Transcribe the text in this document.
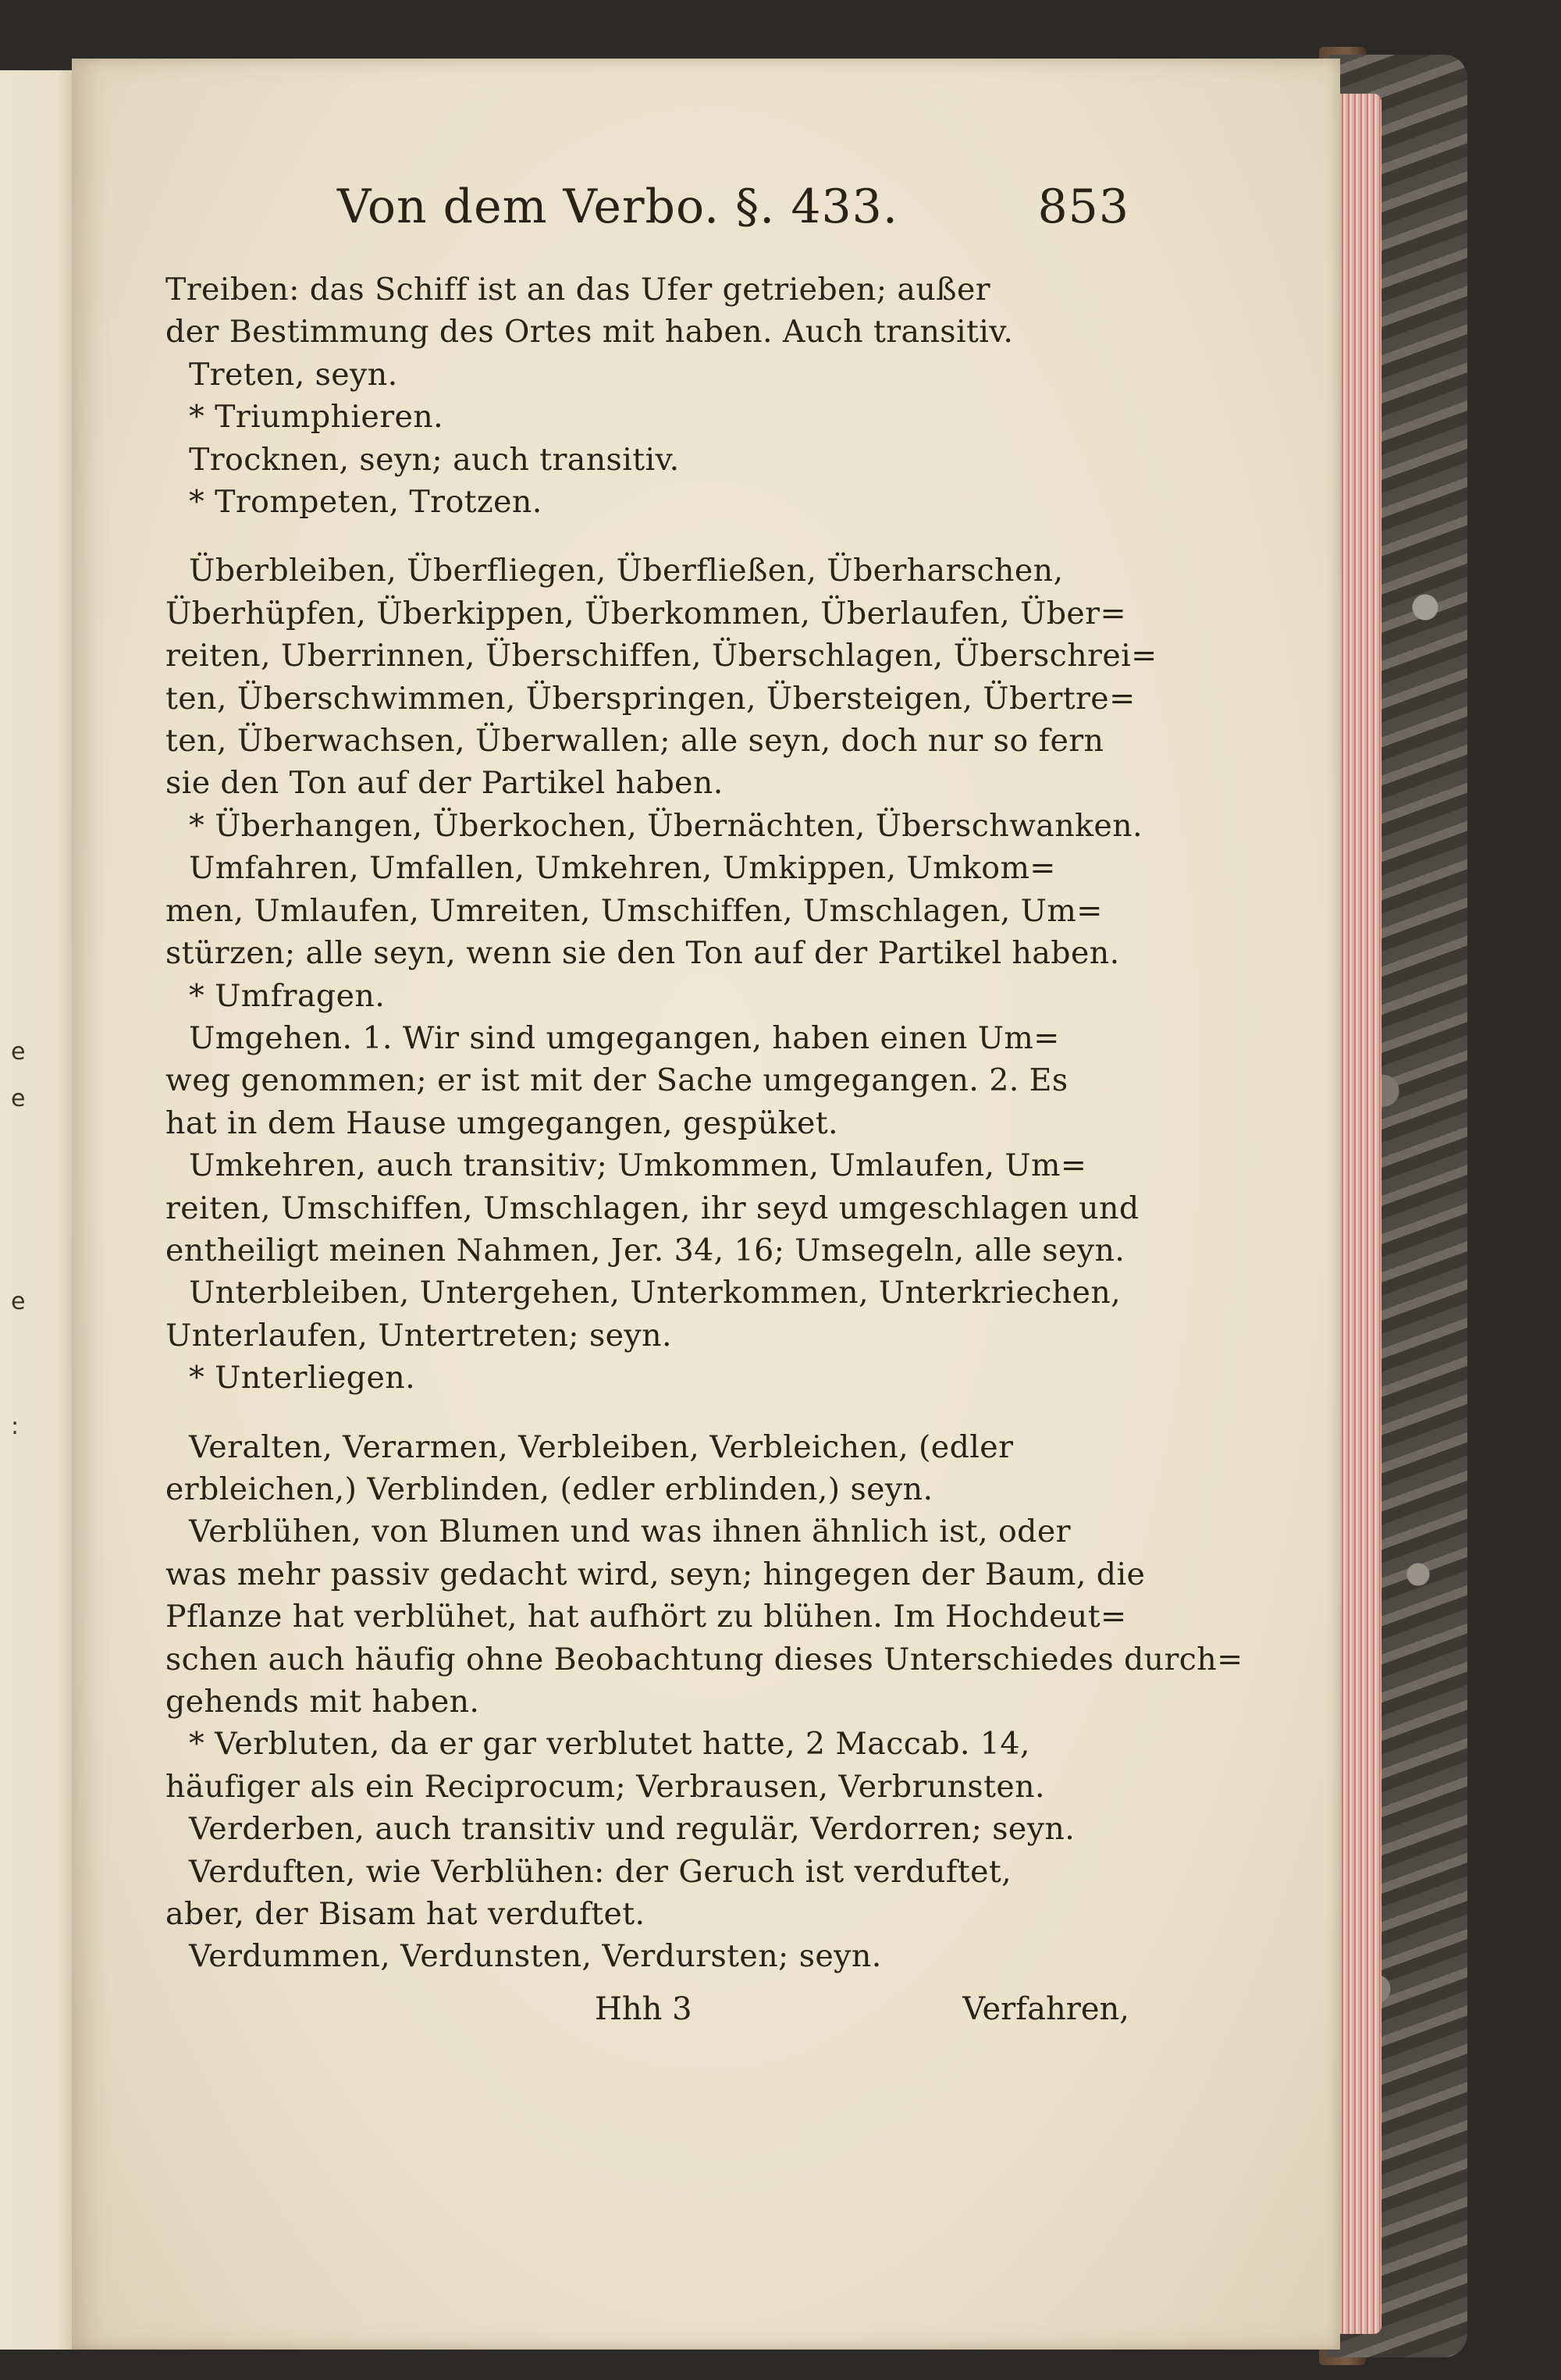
e
e
e
:
Von dem Verbo. §. 433.	853
Treiben: das Schiff ist an das Ufer getrieben; außer
der Bestimmung des Ortes mit haben. Auch transitiv.
Treten, seyn.
* Triumphieren.
Trocknen, seyn; auch transitiv.
* Trompeten, Trotzen.
Überbleiben, Überfliegen, Überfließen, Überharschen,
Überhüpfen, Überkippen, Überkommen, Überlaufen, Über=
reiten, Uberrinnen, Überschiffen, Überschlagen, Überschrei=
ten, Überschwimmen, Überspringen, Übersteigen, Übertre=
ten, Überwachsen, Überwallen; alle seyn, doch nur so fern
sie den Ton auf der Partikel haben.
* Überhangen, Überkochen, Übernächten, Überschwanken.
Umfahren, Umfallen, Umkehren, Umkippen, Umkom=
men, Umlaufen, Umreiten, Umschiffen, Umschlagen, Um=
stürzen; alle seyn, wenn sie den Ton auf der Partikel haben.
* Umfragen.
Umgehen. 1. Wir sind umgegangen, haben einen Um=
weg genommen; er ist mit der Sache umgegangen. 2. Es
hat in dem Hause umgegangen, gespüket.
Umkehren, auch transitiv; Umkommen, Umlaufen, Um=
reiten, Umschiffen, Umschlagen, ihr seyd umgeschlagen und
entheiligt meinen Nahmen, Jer. 34, 16; Umsegeln, alle seyn.
Unterbleiben, Untergehen, Unterkommen, Unterkriechen,
Unterlaufen, Untertreten; seyn.
* Unterliegen.
Veralten, Verarmen, Verbleiben, Verbleichen, (edler
erbleichen,) Verblinden, (edler erblinden,) seyn.
Verblühen, von Blumen und was ihnen ähnlich ist, oder
was mehr passiv gedacht wird, seyn; hingegen der Baum, die
Pflanze hat verblühet, hat aufhört zu blühen. Im Hochdeut=
schen auch häufig ohne Beobachtung dieses Unterschiedes durch=
gehends mit haben.
* Verbluten, da er gar verblutet hatte, 2 Maccab. 14,
häufiger als ein Reciprocum; Verbrausen, Verbrunsten.
Verderben, auch transitiv und regulär, Verdorren; seyn.
Verduften, wie Verblühen: der Geruch ist verduftet,
aber, der Bisam hat verduftet.
Verdummen, Verdunsten, Verdursten; seyn.
Hhh 3	Verfahren,
